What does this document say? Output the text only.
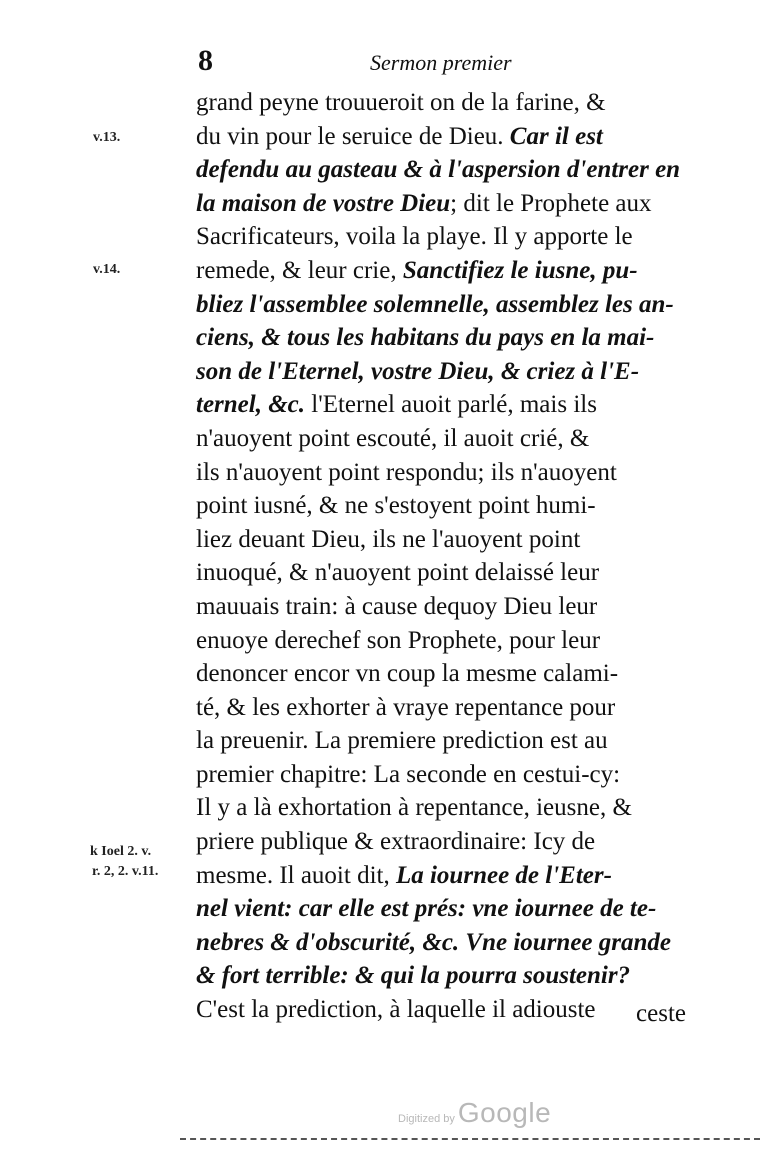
8	Sermon premier
v.13.
v.14.
k Ioel 2. v.
r. 2, 2. v.11.
grand peyne trouueroit on de la farine, &
du vin pour le seruice de Dieu. Car il est
defendu au gasteau & à l'aspersion d'entrer en
la maison de vostre Dieu; dit le Prophete aux
Sacrificateurs, voila la playe. Il y apporte le
remede, & leur crie, Sanctifiez le iusne, pu-
bliez l'assemblee solemnelle, assemblez les an-
ciens, & tous les habitans du pays en la mai-
son de l'Eternel, vostre Dieu, & criez à l'E-
ternel, &c. l'Eternel auoit parlé, mais ils
n'auoyent point escouté, il auoit crié, &
ils n'auoyent point respondu; ils n'auoyent
point iusné, & ne s'estoyent point humi-
liez deuant Dieu, ils ne l'auoyent point
inuoqué, & n'auoyent point delaissé leur
mauuais train: à cause dequoy Dieu leur
enuoye derechef son Prophete, pour leur
denoncer encor vn coup la mesme calami-
té, & les exhorter à vraye repentance pour
la preuenir. La premiere prediction est au
premier chapitre: La seconde en cestui-cy:
Il y a là exhortation à repentance, ieusne, &
priere publique & extraordinaire: Icy de
mesme. Il auoit dit, La iournee de l'Eter-
nel vient: car elle est prés: vne iournee de te-
nebres & d'obscurité, &c. Vne iournee grande
& fort terrible: & qui la pourra soustenir?
C'est la prediction, à laquelle il adiouste	ceste
Digitized by Google
